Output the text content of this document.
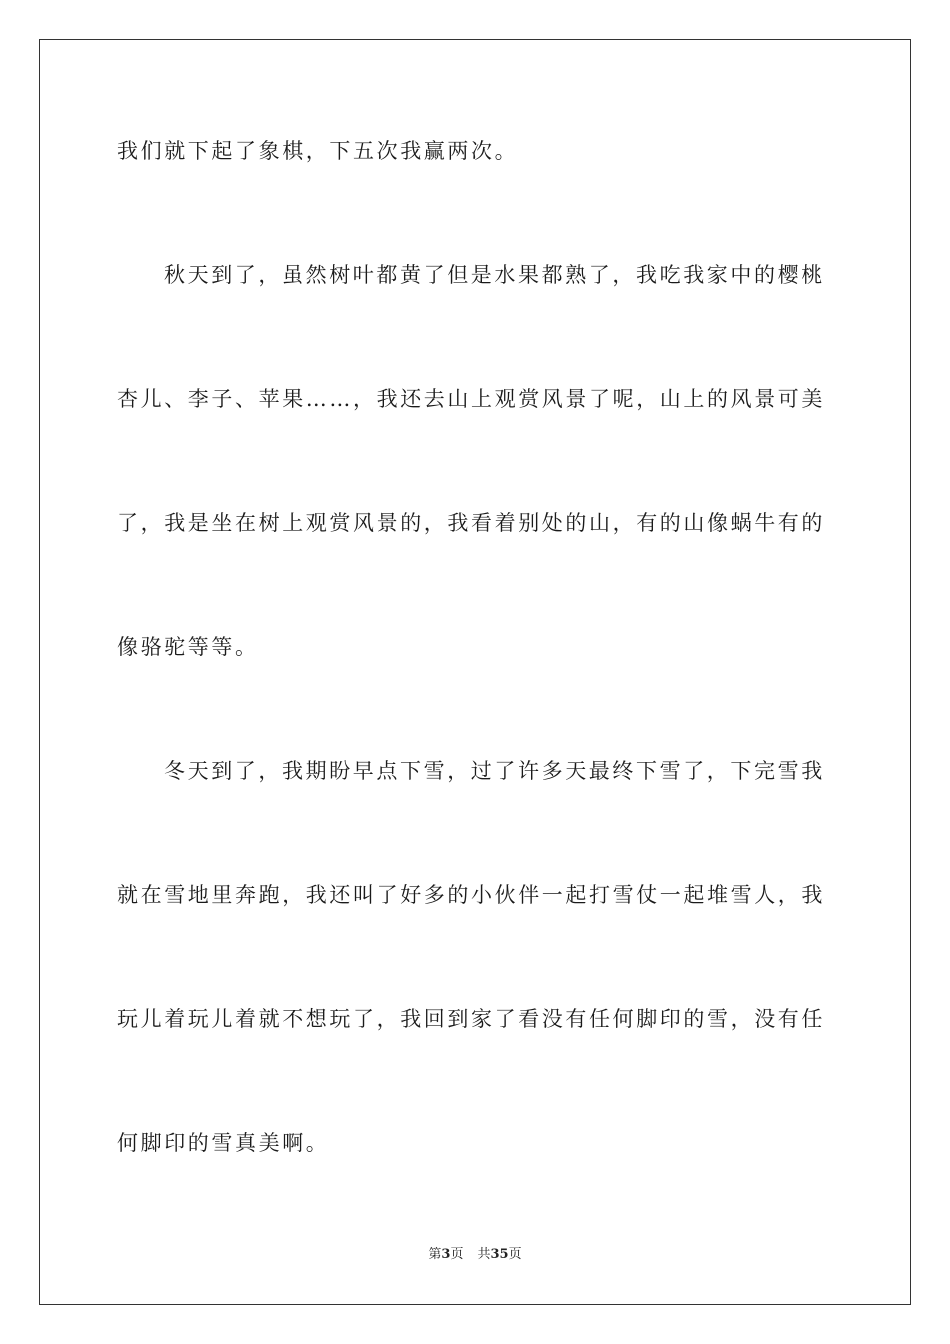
我们就下起了象棋，下五次我赢两次。
秋天到了，虽然树叶都黄了但是水果都熟了，我吃我家中的樱桃
杏儿、李子、苹果……，我还去山上观赏风景了呢，山上的风景可美
了，我是坐在树上观赏风景的，我看着别处的山，有的山像蜗牛有的
像骆驼等等。
冬天到了，我期盼早点下雪，过了许多天最终下雪了，下完雪我
就在雪地里奔跑，我还叫了好多的小伙伴一起打雪仗一起堆雪人，我
玩儿着玩儿着就不想玩了，我回到家了看没有任何脚印的雪，没有任
何脚印的雪真美啊。
第3页 共35页
